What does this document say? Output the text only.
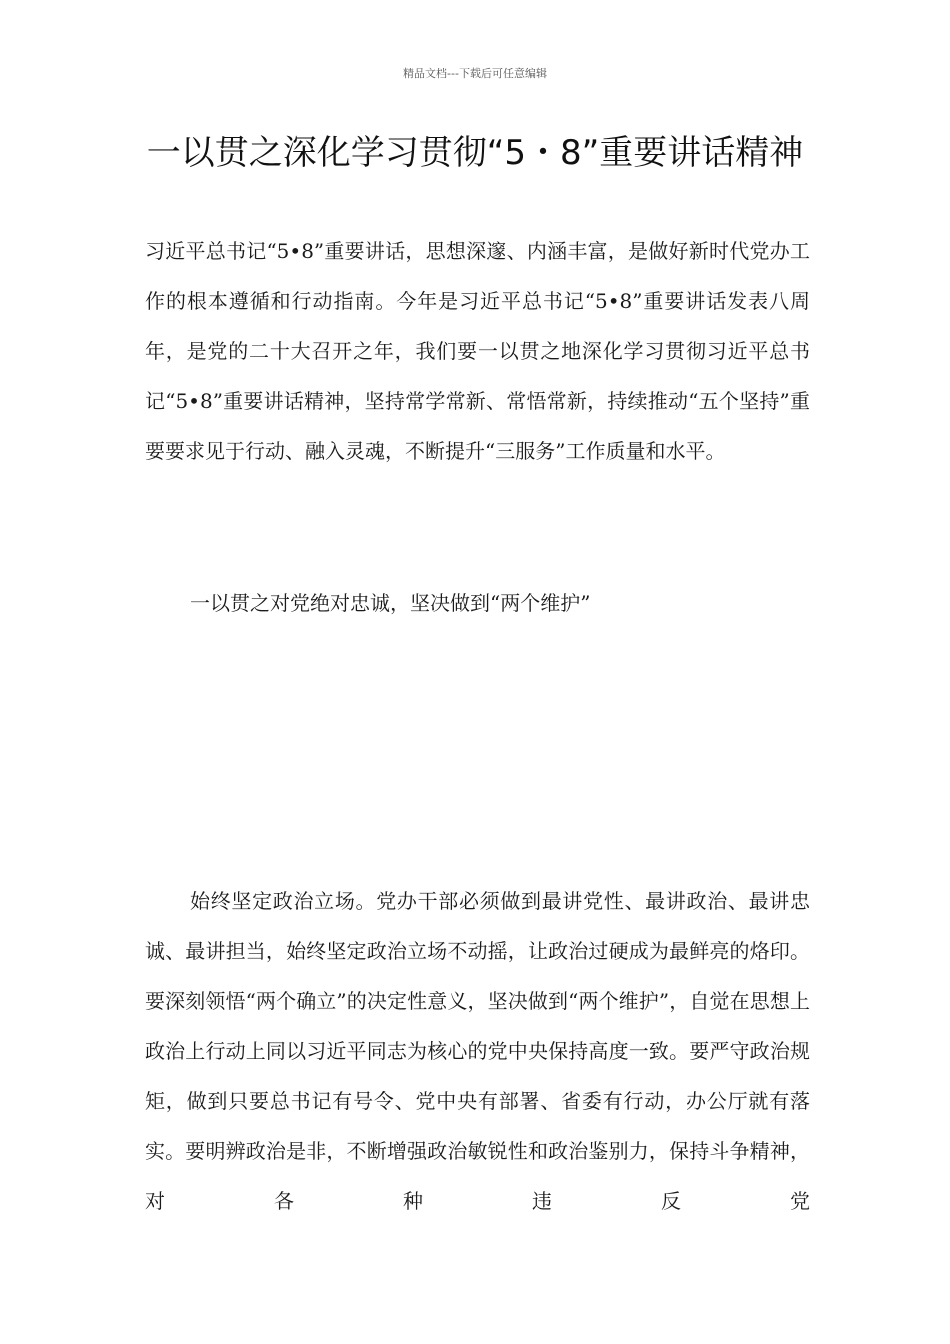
精品文档---下载后可任意编辑
一以贯之深化学习贯彻“5・8”重要讲话精神

习近平总书记“5•8”重要讲话，思想深邃、内涵丰富，是做好新时代党办工作的根本遵循和行动指南。今年是习近平总书记“5•8”重要讲话发表八周年，是党的二十大召开之年，我们要一以贯之地深化学习贯彻习近平总书记“5•8”重要讲话精神，坚持常学常新、常悟常新，持续推动“五个坚持”重要要求见于行动、融入灵魂，不断提升“三服务”工作质量和水平。

一以贯之对党绝对忠诚，坚决做到“两个维护”

始终坚定政治立场。党办干部必须做到最讲党性、最讲政治、最讲忠诚、最讲担当，始终坚定政治立场不动摇，让政治过硬成为最鲜亮的烙印。要深刻领悟“两个确立”的决定性意义，坚决做到“两个维护”，自觉在思想上政治上行动上同以习近平同志为核心的党中央保持高度一致。要严守政治规矩，做到只要总书记有号令、党中央有部署、省委有行动，办公厅就有落实。要明辨政治是非，不断增强政治敏锐性和政治鉴别力，保持斗争精神，对各种违反党
